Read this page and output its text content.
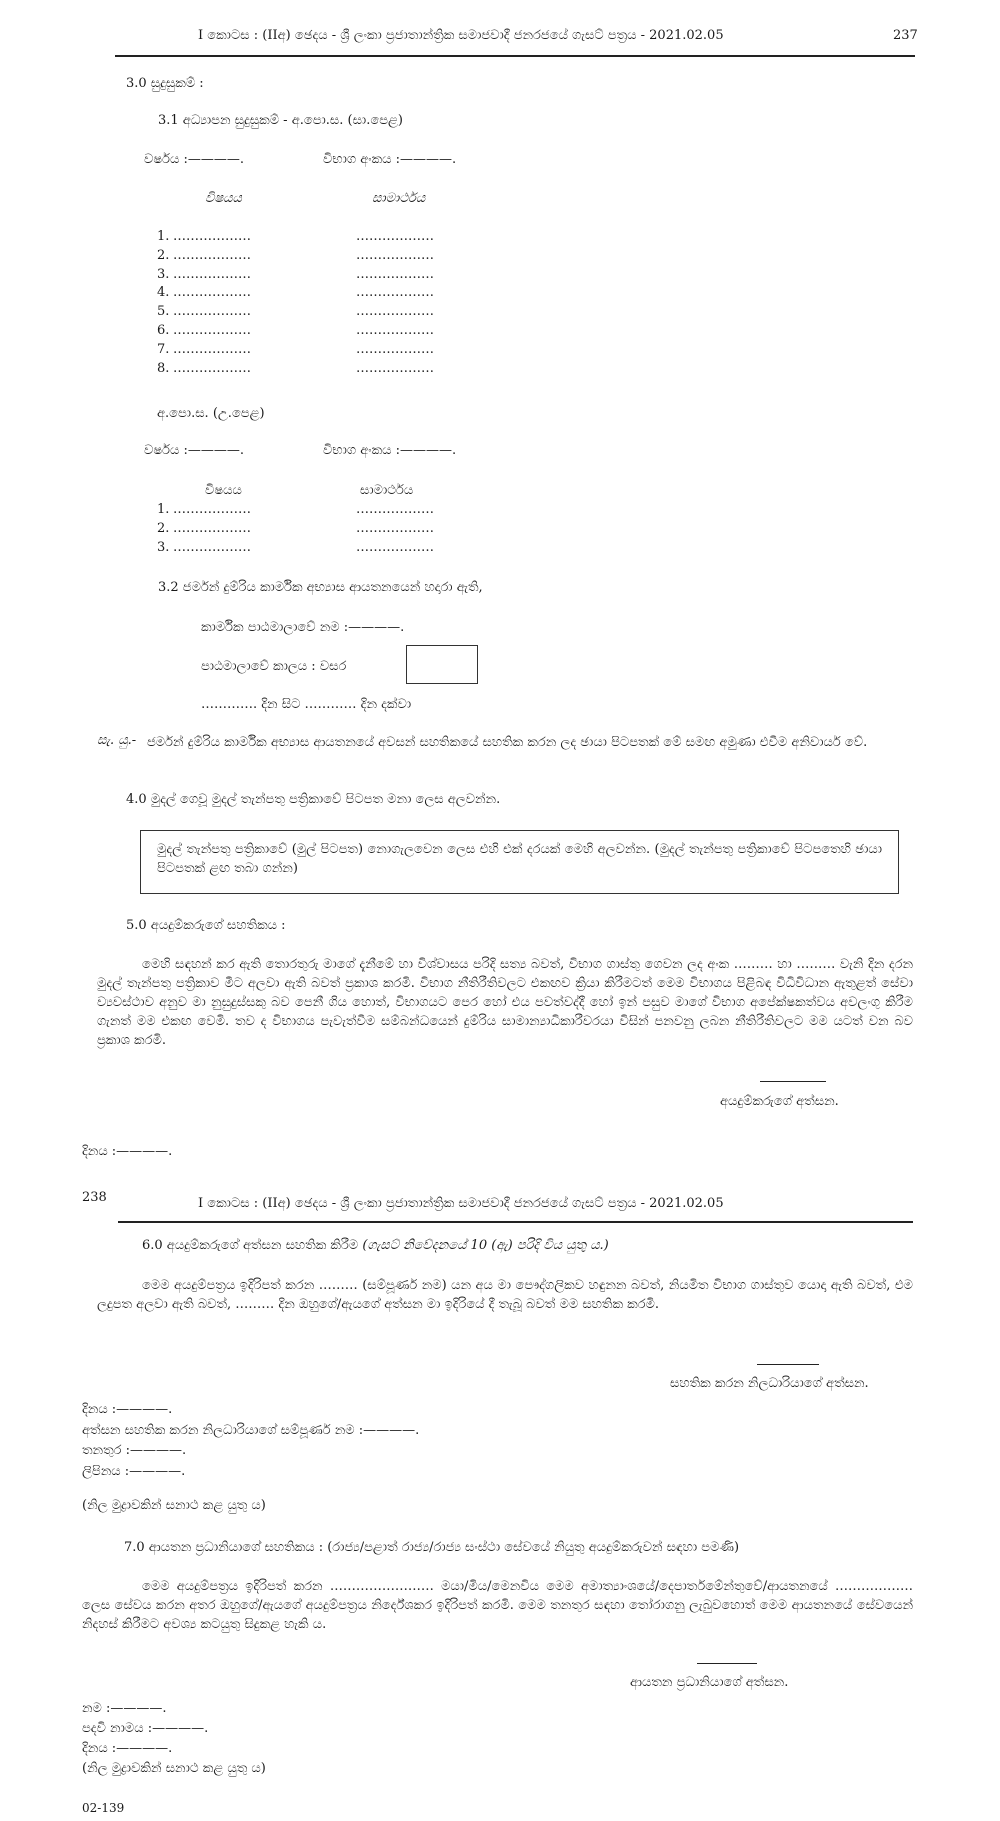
I කොටස : (IIඅ) ඡෙදය - ශ්‍රී ලංකා ප්‍රජාතාන්ත්‍රික සමාජවාදී ජනරජයේ ගැසට් පත්‍රය - 2021.02.05	237
3.0 සුදුසුකම් :
3.1 අධ්‍යාපන සුදුසුකම් - අ.පො.ස. (සා.පෙළ)
වර්ෂය :————.	විභාග අංකය :————.
විෂයය	සාමාර්ථය
1. ………………	………………
2. ………………	………………
3. ………………	………………
4. ………………	………………
5. ………………	………………
6. ………………	………………
7. ………………	………………
8. ………………	………………
අ.පො.ස. (උ.පෙළ)
වර්ෂය :————.	විභාග අංකය :————.
විෂයය	සාමාර්ථය
1. ………………	………………
2. ………………	………………
3. ………………	………………
3.2 ජර්මන් දුම්රිය කාර්මික අභ්‍යාස ආයතනයෙන් හදාරා ඇති,
කාර්මික පාඨමාලාවේ නම :————.
පාඨමාලාවේ කාලය : වසර
…………. දින සිට ………… දින දක්වා
සැ. යු.- ජර්මන් දුම්රිය කාර්මික අභ්‍යාස ආයතනයේ අවසන් සහතිකයේ සහතික කරන ලද ඡායා පිටපතක් මේ සමඟ අමුණා එවීම අනිවාර්ය වේ.
4.0 මුදල් ගෙවූ මුදල් තැන්පතු පත්‍රිකාවේ පිටපත මනා ලෙස අලවන්න.
මුදල් තැන්පතු පත්‍රිකාවේ (මුල් පිටපත) නොගැලවෙන ලෙස එහි එක් දරයක් මෙහි අලවන්න. (මුදල් තැන්පතු පත්‍රිකාවේ පිටපතෙහි ඡායා පිටපතක් ළඟ තබා ගන්න)
5.0 අයදුම්කරුගේ සහතිකය :
මෙහි සඳහන් කර ඇති තොරතුරු මාගේ දැනීමේ හා විශ්වාසය පරිදි සත්‍ය බවත්, විභාග ගාස්තු ගෙවන ලද අංක ……… හා ……… වැනි දින දරන මුදල් තැන්පතු පත්‍රිකාව මීට අලවා ඇති බවත් ප්‍රකාශ කරමි. විභාග නීතිරීතිවලට එකඟව ක්‍රියා කිරීමටත් මෙම විභාගය පිළිබඳ විධිවිධාන ඇතුළත් සේවා ව්‍යවස්ථාව අනුව මා නුසුදුස්සකු බව පෙනී ගිය හොත්, විභාගයට පෙර හෝ එය පවත්වද්දී හෝ ඉන් පසුව මාගේ විභාග අපේක්ෂකත්වය අවලංගු කිරීම ගැනත් මම එකඟ වෙමි. තව ද විභාගය පැවැත්වීම සම්බන්ධයෙන් දුම්රිය සාමාන්‍යාධිකාරීවරයා විසින් පනවනු ලබන නීතිරීතිවලට මම යටත් වන බව ප්‍රකාශ කරමි.
අයදුම්කරුගේ අත්සන.
දිනය :————.
238	I කොටස : (IIඅ) ඡෙදය - ශ්‍රී ලංකා ප්‍රජාතාන්ත්‍රික සමාජවාදී ජනරජයේ ගැසට් පත්‍රය - 2021.02.05
6.0 අයදුම්කරුගේ අත්සන සහතික කිරීම (ගැසට් නිවේදනයේ 10 (ඇ) පරිදි විය යුතු ය.)
මෙම අයදුම්පත්‍රය ඉදිරිපත් කරන ……… (සම්පූර්ණ නම) යන අය මා පෞද්ගලිකව හඳුනන බවත්, නියමිත විභාග ගාස්තුව යොදා ඇති බවත්, එම ලදුපත අලවා ඇති බවත්, ……… දින ඔහුගේ/ඇයගේ අත්සන මා ඉදිරියේ දී තැබූ බවත් මම සහතික කරමි.
සහතික කරන නිලධාරියාගේ අත්සන.
දිනය :————.
අත්සන සහතික කරන නිලධාරියාගේ සම්පූර්ණ නම :————.
තනතුර :————.
ලිපිනය :————.
(නිල මුද්‍රාවකින් සනාථ කළ යුතු ය)
7.0 ආයතන ප්‍රධානියාගේ සහතිකය : (රාජ්‍ය/පළාත් රාජ්‍ය/රාජ්‍ය සංස්ථා සේවයේ නියුතු අයදුම්කරුවන් සඳහා පමණි)
මෙම අයදුම්පත්‍රය ඉදිරිපත් කරන …………………… මයා/මිය/මෙනවිය මෙම අමාත්‍යාංශයේ/දෙපාර්තමේන්තුවේ/ආයතනයේ ……………… ලෙස සේවය කරන අතර ඔහුගේ/ඇයගේ අයදුම්පත්‍රය නිර්දේශකර ඉදිරිපත් කරමි. මෙම තනතුර සඳහා තෝරාගනු ලැබුවහොත් මෙම ආයතනයේ සේවයෙන් නිදහස් කිරීමට අවශ්‍ය කටයුතු සිදුකළ හැකි ය.
ආයතන ප්‍රධානියාගේ අත්සන.
නම :————.
පදවි නාමය :————.
දිනය :————.
(නිල මුද්‍රාවකින් සනාථ කළ යුතු ය)
02-139
